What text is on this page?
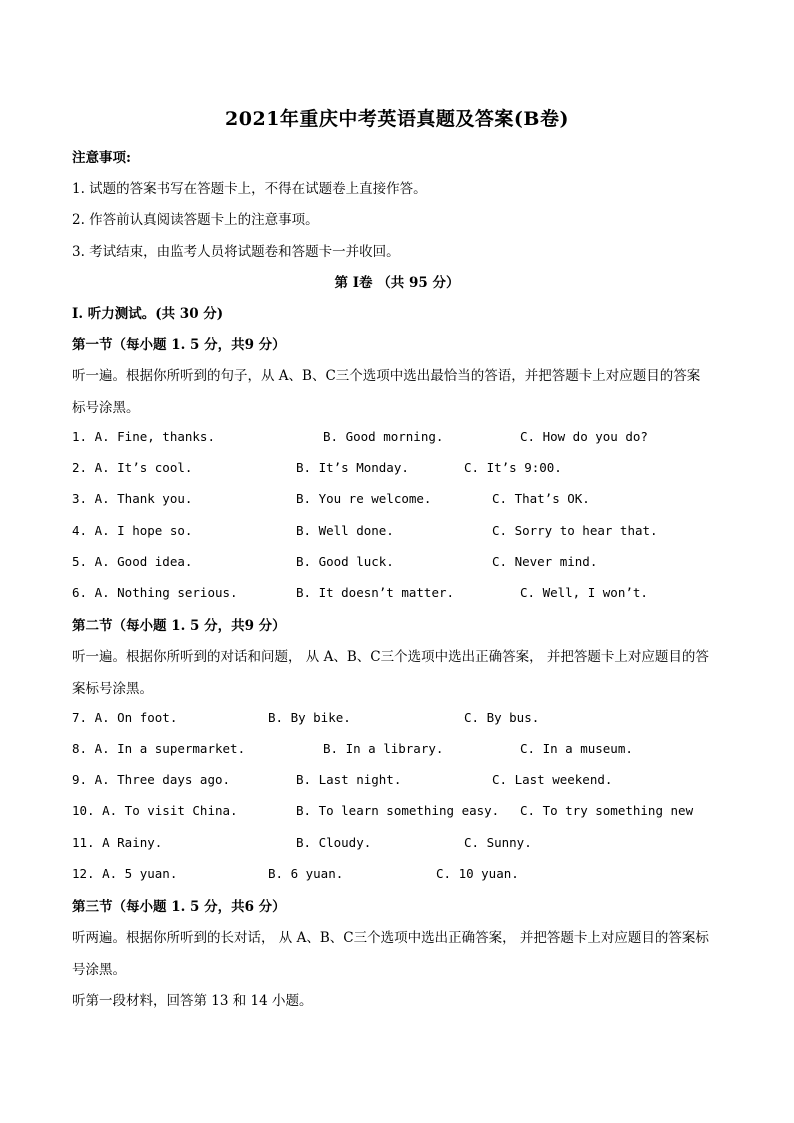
2021年重庆中考英语真题及答案(B卷)
注意事项:
1. 试题的答案书写在答题卡上，不得在试题卷上直接作答。
2. 作答前认真阅读答题卡上的注意事项。
3. 考试结束，由监考人员将试题卷和答题卡一并收回。
第 I卷 （共 95 分）
I. 听力测试。(共 30 分)
第一节（每小题 1. 5 分，共9 分）
听一遍。根据你所听到的句子，从 A、B、C三个选项中选出最恰当的答语，并把答题卡上对应题目的答案
标号涂黑。
1. A. Fine, thanks.	B. Good morning.	C. How do you do?
2. A. It’s cool.	B. It’s Monday.	C. It’s 9:00.
3. A. Thank you.	B. You re welcome.	C. That’s OK.
4. A. I hope so.	B. Well done.	C. Sorry to hear that.
5. A. Good idea.	B. Good luck.	C. Never mind.
6. A. Nothing serious.	B. It doesn’t matter.	C. Well, I won’t.
第二节（每小题 1. 5 分，共9 分）
听一遍。根据你所听到的对话和问题， 从 A、B、C三个选项中选出正确答案， 并把答题卡上对应题目的答
案标号涂黑。
7. A. On foot.	B. By bike.	C. By bus.
8. A. In a supermarket.	B. In a library.	C. In a museum.
9. A. Three days ago.	B. Last night.	C. Last weekend.
10. A. To visit China.	B. To learn something easy. C. To try something new
11. A Rainy.	B. Cloudy.	C. Sunny.
12. A. 5 yuan.	B. 6 yuan.	C. 10 yuan.
第三节（每小题 1. 5 分，共6 分）
听两遍。根据你所听到的长对话， 从 A、B、C三个选项中选出正确答案， 并把答题卡上对应题目的答案标
号涂黑。
听第一段材料，回答第 13 和 14 小题。
